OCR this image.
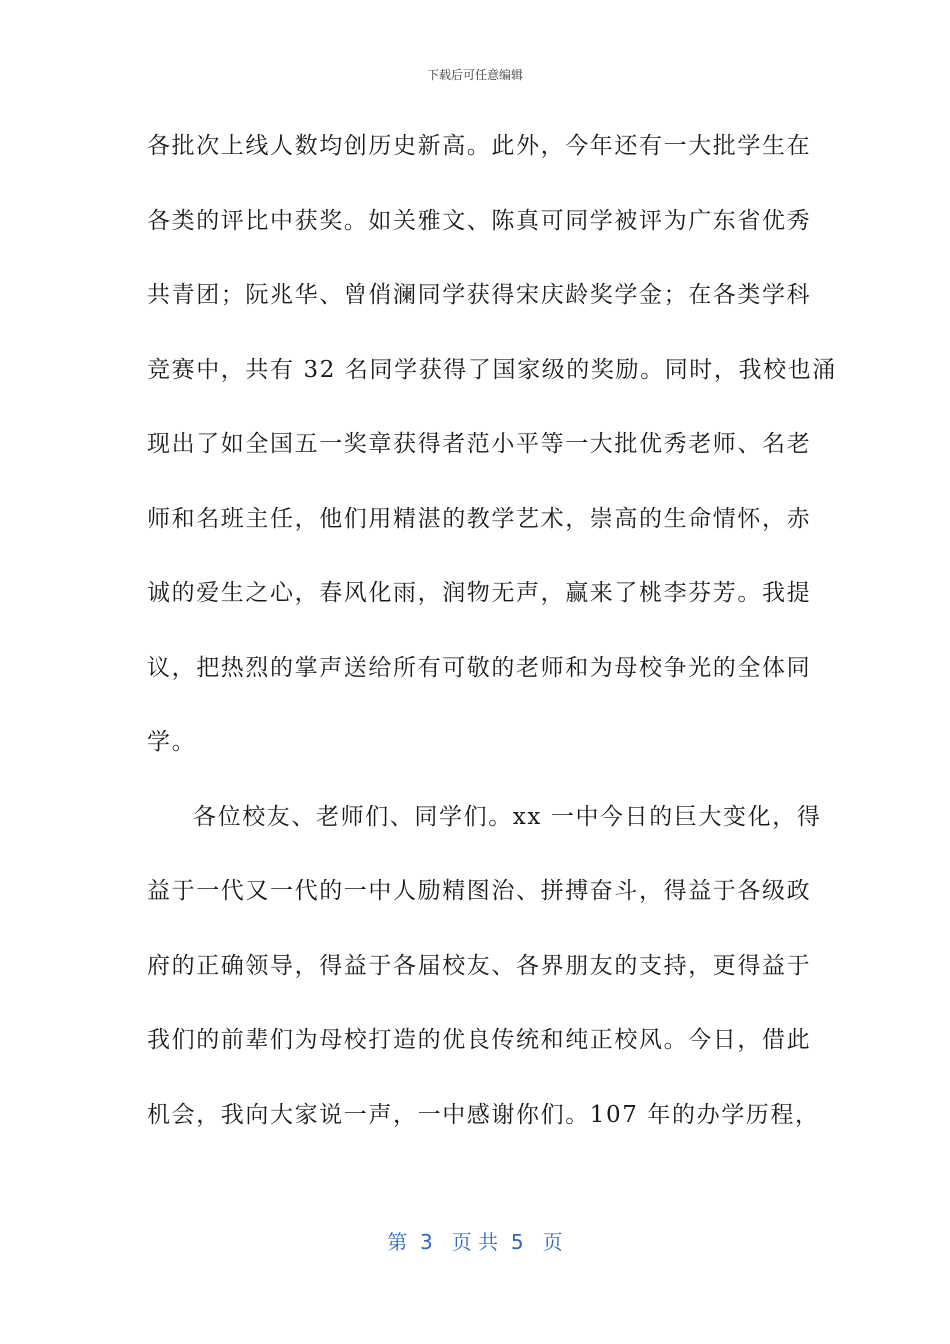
下载后可任意编辑
各批次上线人数均创历史新高。此外，今年还有一大批学生在
各类的评比中获奖。如关雅文、陈真可同学被评为广东省优秀
共青团；阮兆华、曾俏澜同学获得宋庆龄奖学金；在各类学科
竞赛中，共有 32 名同学获得了国家级的奖励。同时，我校也涌
现出了如全国五一奖章获得者范小平等一大批优秀老师、名老
师和名班主任，他们用精湛的教学艺术，崇高的生命情怀，赤
诚的爱生之心，春风化雨，润物无声，赢来了桃李芬芳。我提
议，把热烈的掌声送给所有可敬的老师和为母校争光的全体同
学。
各位校友、老师们、同学们。xx 一中今日的巨大变化，得
益于一代又一代的一中人励精图治、拼搏奋斗，得益于各级政
府的正确领导，得益于各届校友、各界朋友的支持，更得益于
我们的前辈们为母校打造的优良传统和纯正校风。今日，借此
机会，我向大家说一声，一中感谢你们。107 年的办学历程，
第  3   页 共  5   页
